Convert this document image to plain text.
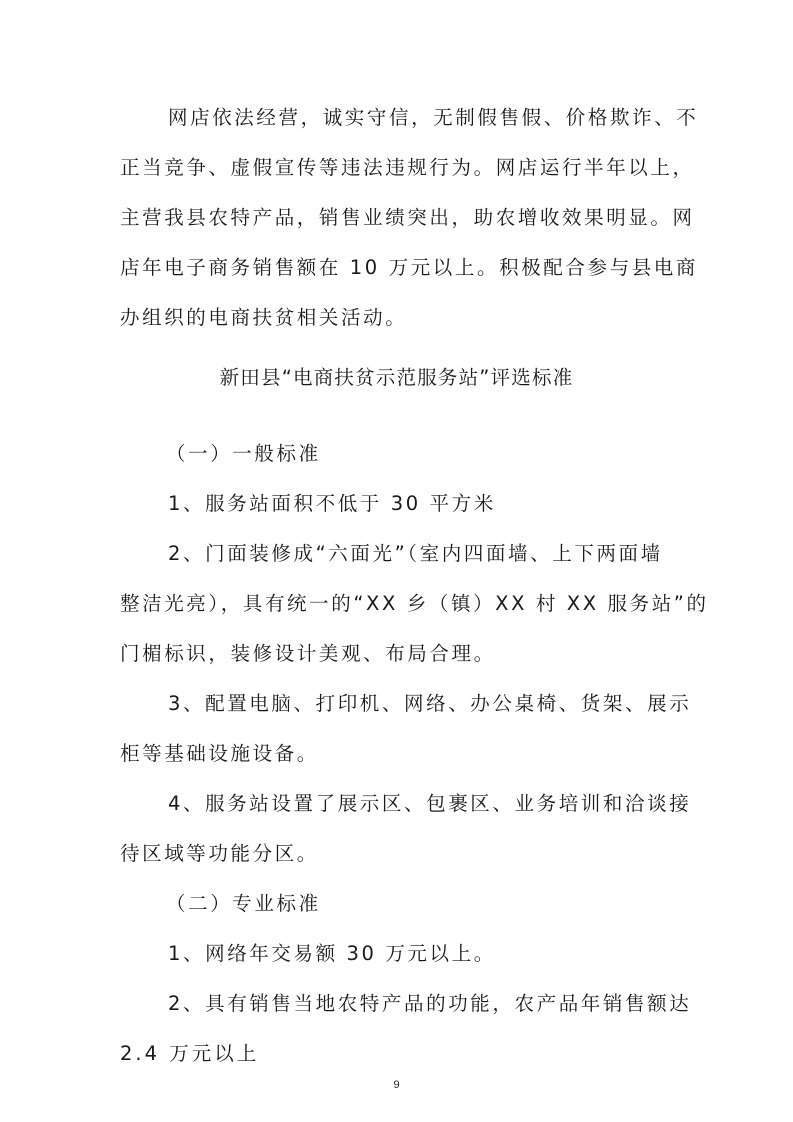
网店依法经营，诚实守信，无制假售假、价格欺诈、不
正当竞争、虚假宣传等违法违规行为。网店运行半年以上，
主营我县农特产品，销售业绩突出，助农增收效果明显。网
店年电子商务销售额在 10 万元以上。积极配合参与县电商
办组织的电商扶贫相关活动。
新田县“电商扶贫示范服务站”评选标准
（一）一般标准
1、服务站面积不低于 30 平方米
2、门面装修成“六面光”（室内四面墙、上下两面墙
整洁光亮），具有统一的“XX 乡（镇）XX 村 XX 服务站”的
门楣标识，装修设计美观、布局合理。
3、配置电脑、打印机、网络、办公桌椅、货架、展示
柜等基础设施设备。
4、服务站设置了展示区、包裹区、业务培训和洽谈接
待区域等功能分区。
（二）专业标准
1、网络年交易额 30 万元以上。
2、具有销售当地农特产品的功能，农产品年销售额达
2.4 万元以上
9
